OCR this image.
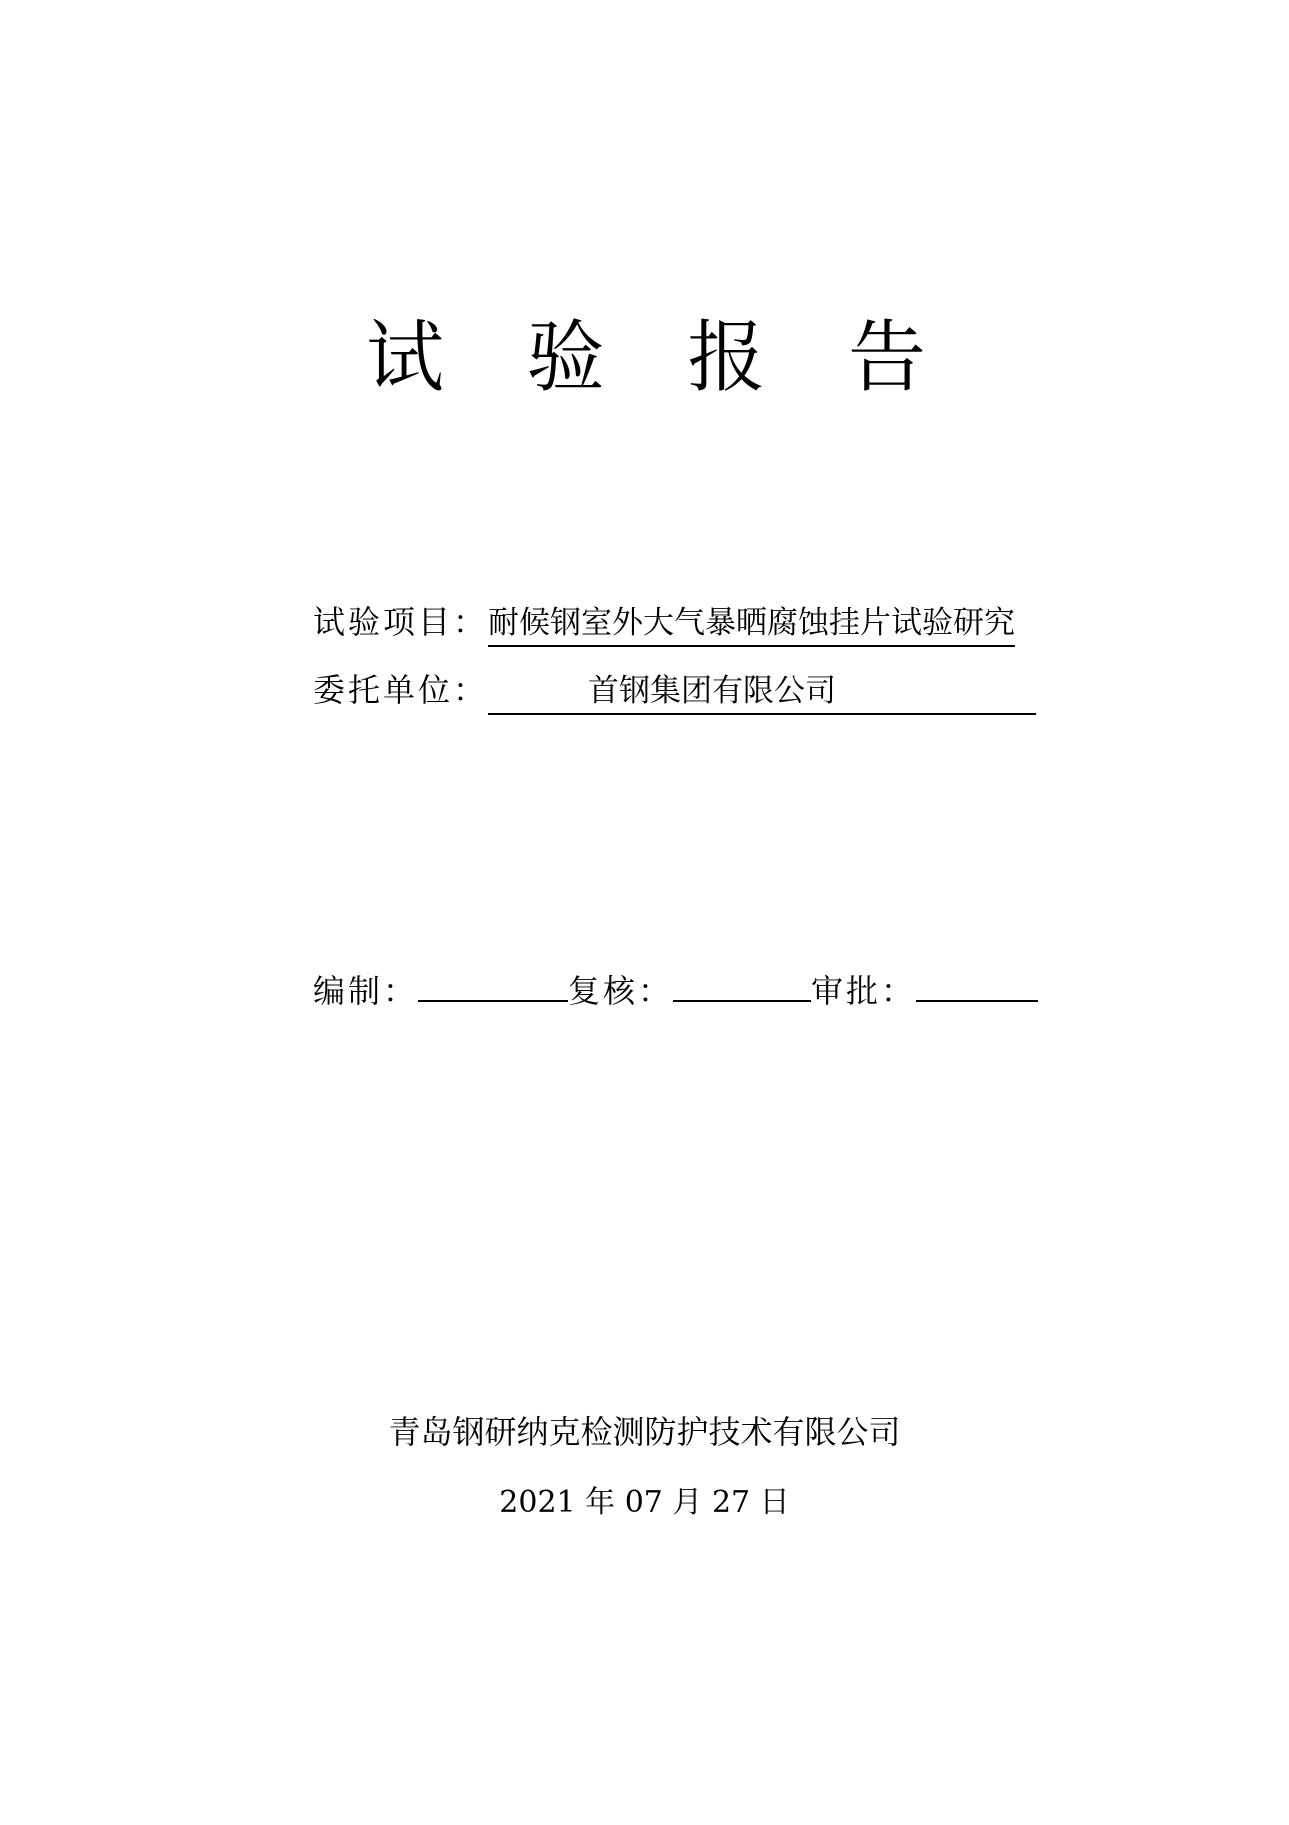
试 验 报 告
试验项目： 耐候钢室外大气暴晒腐蚀挂片试验研究
委托单位：	首钢集团有限公司
编制：	复核：	审批：
青岛钢研纳克检测防护技术有限公司
2021 年 07 月 27 日
